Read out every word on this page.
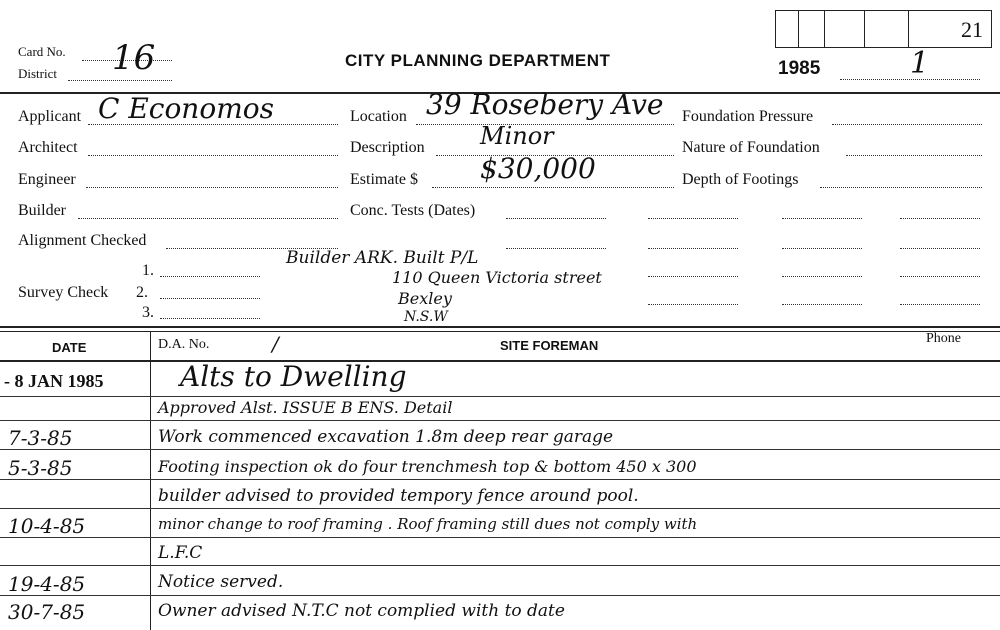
21
Card No. 16
District
CITY PLANNING DEPARTMENT	1985	1
Applicant C Economos
Architect
Engineer
Builder
Alignment Checked
1.
Survey Check 2.
3.
Location 39 Rosebery Ave
Description Minor
Estimate $ $30,000
Conc. Tests (Dates)
Foundation Pressure
Nature of Foundation
Depth of Footings
Builder ARK. Built P/L
110 Queen Victoria street
Bexley
N.S.W
DATE	D.A. No.	/	SITE FOREMAN	Phone
- 8 JAN 1985	Alts to Dwelling
Approved Alst. ISSUE B ENS. Detail
7-3-85	Work commenced excavation 1.8m deep rear garage
5-3-85	Footing inspection ok do four trenchmesh top & bottom 450 x 300
builder advised to provided tempory fence around pool.
10-4-85	minor change to roof framing . Roof framing still dues not comply with
L.F.C
19-4-85	Notice served.
30-7-85	Owner advised N.T.C not complied with to date
